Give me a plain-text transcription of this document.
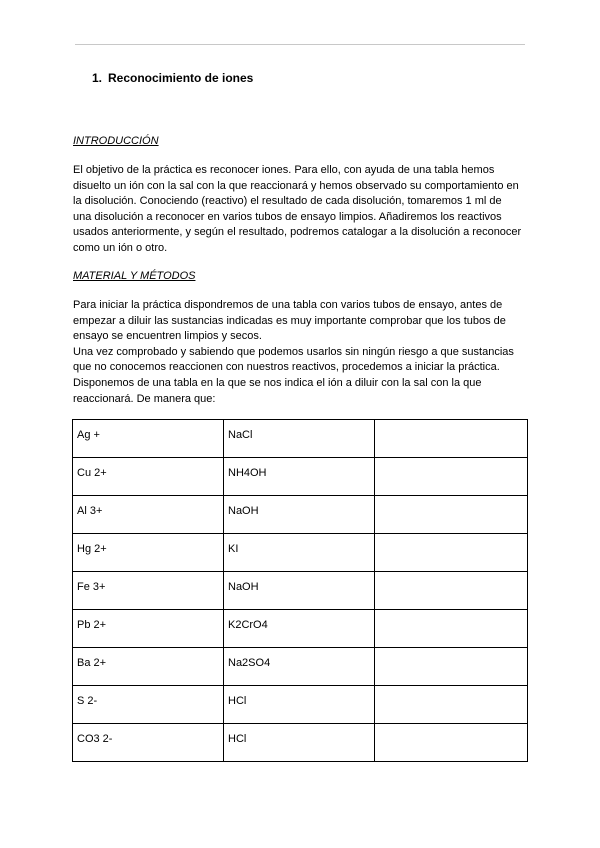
1. Reconocimiento de iones
INTRODUCCIÓN
El objetivo de la práctica es reconocer iones. Para ello, con ayuda de una tabla hemos
disuelto un ión con la sal con la que reaccionará y hemos observado su comportamiento en
la disolución. Conociendo (reactivo) el resultado de cada disolución, tomaremos 1 ml de
una disolución a reconocer en varios tubos de ensayo limpios. Añadiremos los reactivos
usados anteriormente, y según el resultado, podremos catalogar a la disolución a reconocer
como un ión o otro.
MATERIAL Y MÉTODOS
Para iniciar la práctica dispondremos de una tabla con varios tubos de ensayo, antes de
empezar a diluir las sustancias indicadas es muy importante comprobar que los tubos de
ensayo se encuentren limpios y secos.
Una vez comprobado y sabiendo que podemos usarlos sin ningún riesgo a que sustancias
que no conocemos reaccionen con nuestros reactivos, procedemos a iniciar la práctica.
Disponemos de una tabla en la que se nos indica el ión a diluir con la sal con la que
reaccionará. De manera que:
Ag +	NaCl	

Cu 2+	NH4OH	

Al 3+	NaOH	

Hg 2+	KI	

Fe 3+	NaOH	

Pb 2+	K2CrO4	

Ba 2+	Na2SO4	

S 2-	HCl	

CO3 2-	HCl	
